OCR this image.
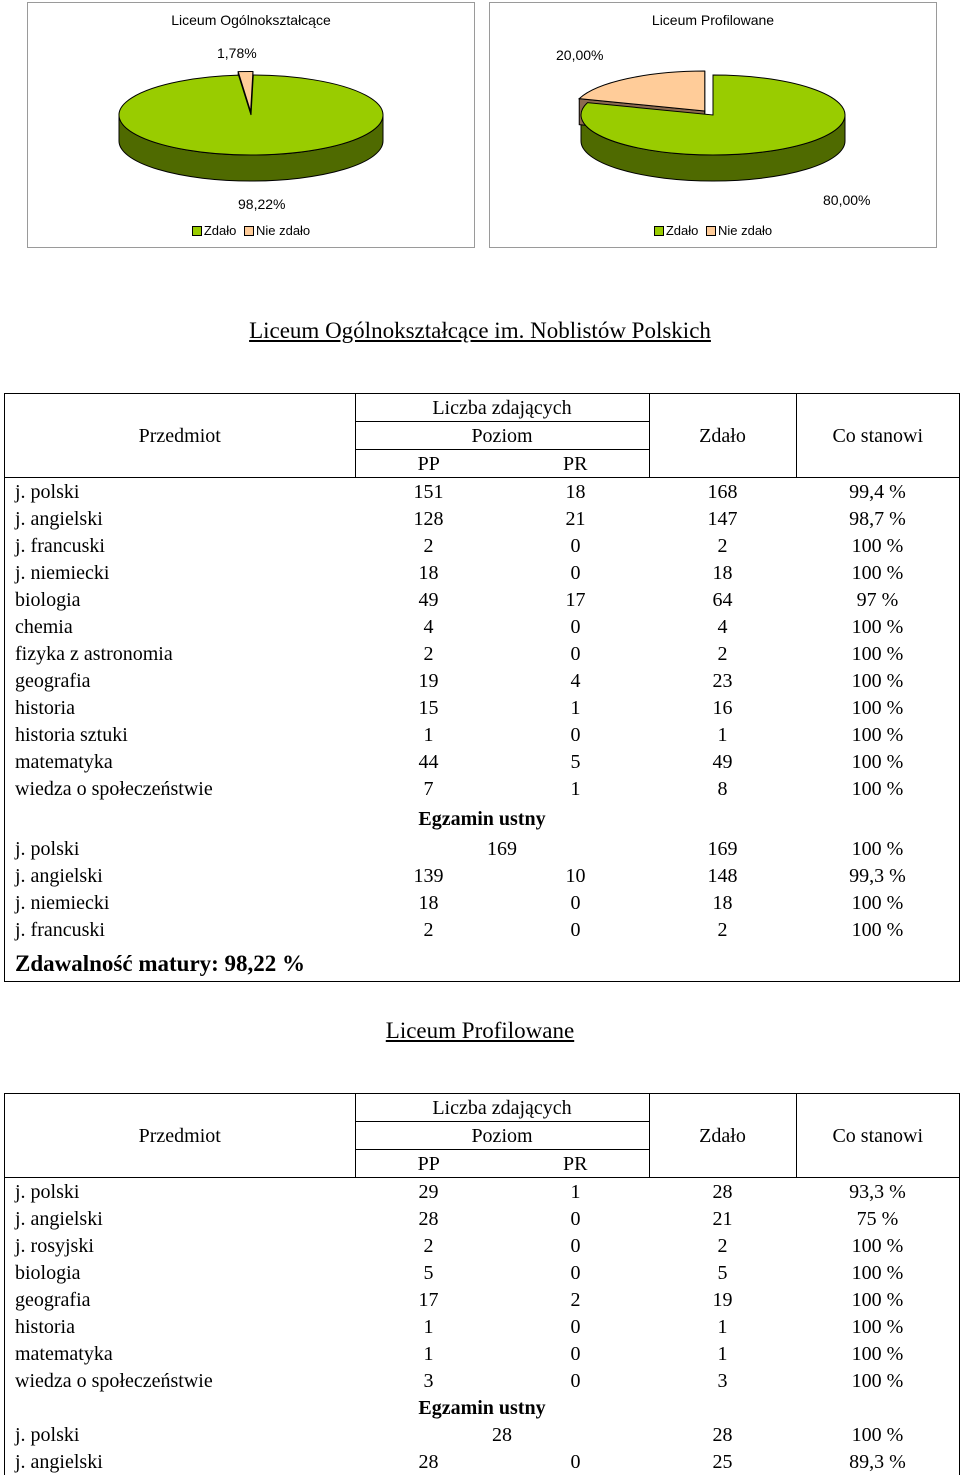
Liceum Ogólnokształcące
1,78%
98,22%
Zdało Nie zdało
Liceum Profilowane
20,00%
80,00%
Zdało Nie zdało
Liceum Ogólnokształcące im. Noblistów Polskich
Przedmiot	Liczba zdających		Zdało	Co stanowi
	Poziom			
	PP	PR		
j. polski	151	18	168	99,4 %
j. angielski	128	21	147	98,7 %
j. francuski	2	0	2	100 %
j. niemiecki	18	0	18	100 %
biologia	49	17	64	97 %
chemia	4	0	4	100 %
fizyka z astronomia	2	0	2	100 %
geografia	19	4	23	100 %
historia	15	1	16	100 %
historia sztuki	1	0	1	100 %
matematyka	44	5	49	100 %
wiedza o społeczeństwie	7	1	8	100 %
Egzamin ustny				
j. polski	169		169	100 %
j. angielski	139	10	148	99,3 %
j. niemiecki	18	0	18	100 %
j. francuski	2	0	2	100 %
Zdawalność matury: 98,22 %
Liceum Profilowane
Przedmiot	Liczba zdających		Zdało	Co stanowi
	Poziom			
	PP	PR		
j. polski	29	1	28	93,3 %
j. angielski	28	0	21	75 %
j. rosyjski	2	0	2	100 %
biologia	5	0	5	100 %
geografia	17	2	19	100 %
historia	1	0	1	100 %
matematyka	1	0	1	100 %
wiedza o społeczeństwie	3	0	3	100 %
Egzamin ustny				
j. polski	28		28	100 %
j. angielski	28	0	25	89,3 %
